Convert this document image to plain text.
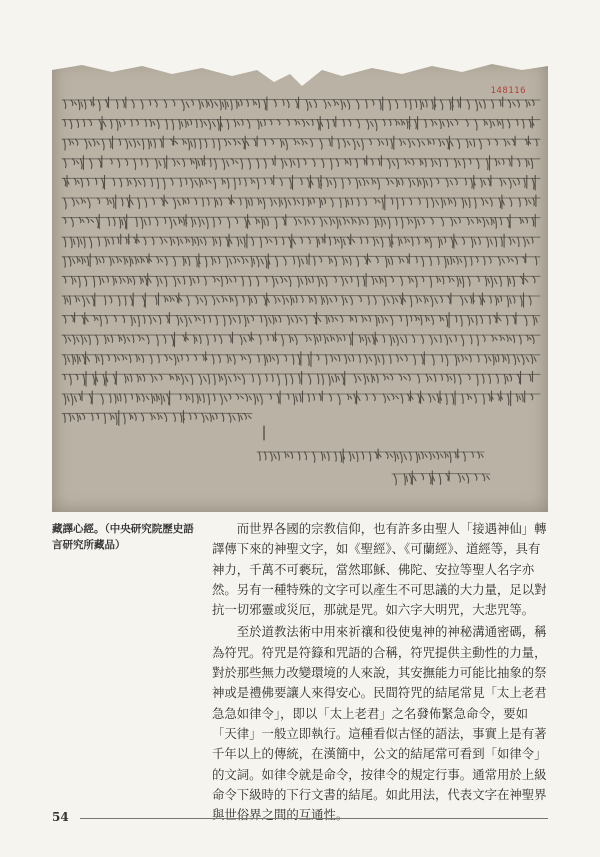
148116
藏譯心經。（中央研究院歷史語言研究所藏品）

而世界各國的宗教信仰，也有許多由聖人「接遇神仙」轉譯傳下來的神聖文字，如《聖經》、《可蘭經》、道經等，具有神力，千萬不可褻玩，當然耶穌、佛陀、安拉等聖人名字亦然。另有一種特殊的文字可以產生不可思議的大力量，足以對抗一切邪靈或災厄，那就是咒。如六字大明咒，大悲咒等。

至於道教法術中用來祈禳和役使鬼神的神秘溝通密碼，稱為符咒。符咒是符籙和咒語的合稱，符咒提供主動性的力量，對於那些無力改變環境的人來說，其安撫能力可能比抽象的祭神或是禮佛要讓人來得安心。民間符咒的結尾常見「太上老君急急如律令」，即以「太上老君」之名發佈緊急命令，要如「天律」一般立即執行。這種看似古怪的語法，事實上是有著千年以上的傳統，在漢簡中，公文的結尾常可看到「如律令」的文詞。如律令就是命令，按律令的規定行事。通常用於上級命令下級時的下行文書的結尾。如此用法，代表文字在神聖界與世俗界之間的互通性。

54
